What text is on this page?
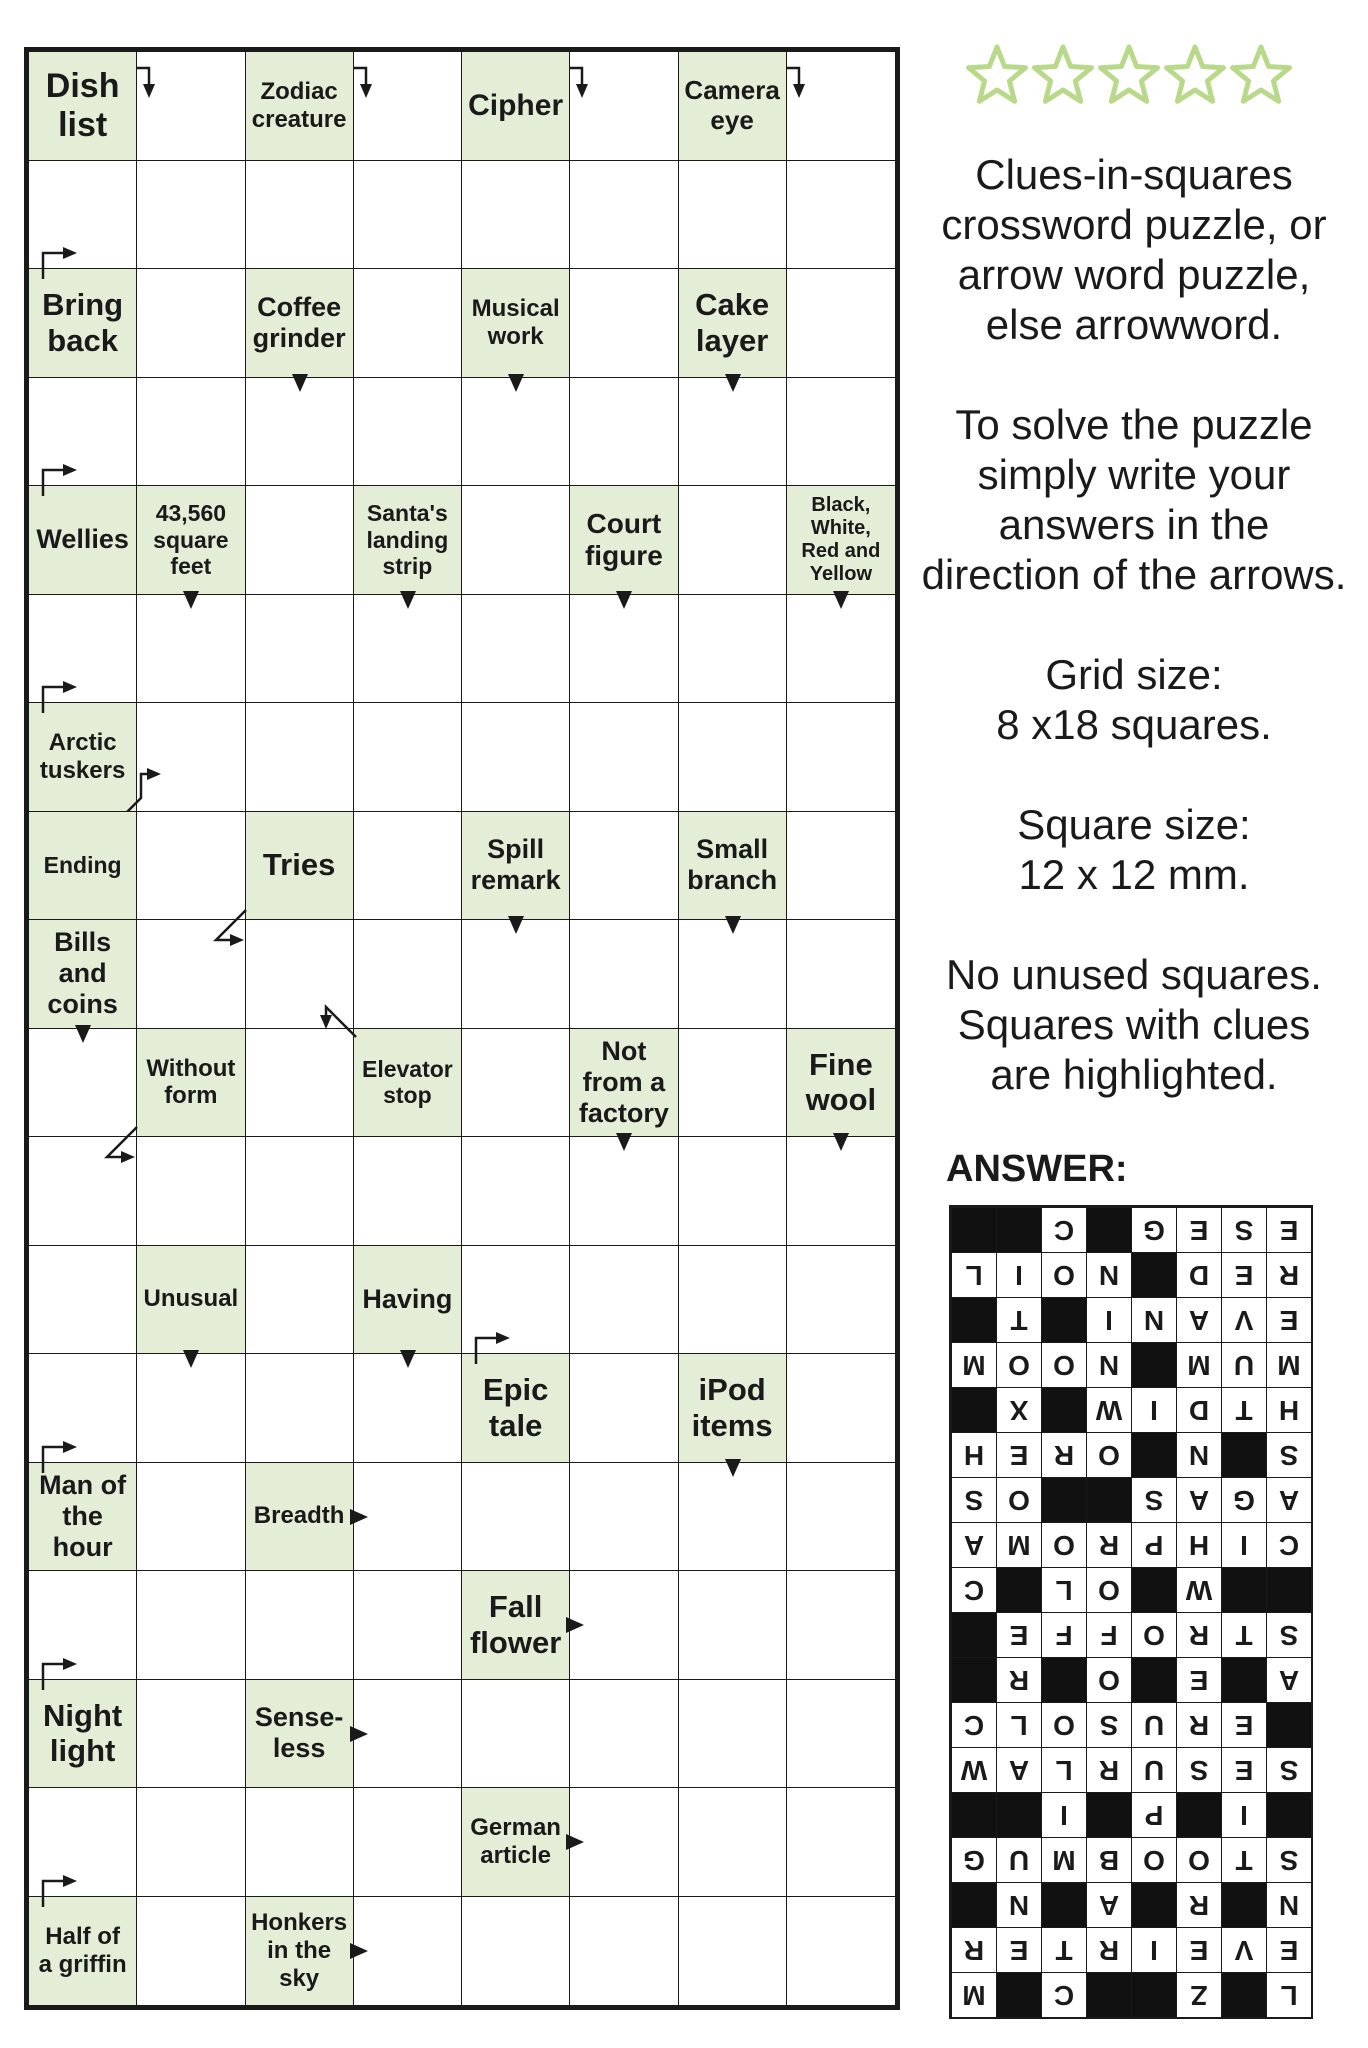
Dish
list
Zodiac
creature	Cipher	Camera
eye
Bring
back
Coffee
grinder
Musical
work
Cake
layer
Wellies
43,560
square
feet
Santa's
landing
strip
Court
figure
Black,
White,
Red and
Yellow
Arctic
tuskers
Ending	Tries	Spill
remark
Small
branch
Bills
and
coins
Without
form
Elevator
stop
Not
from a
factory
Fine
wool
Unusual	Having
Epic
tale
iPod
items
Man of
the
hour
Breadth
Fall
flower
Night
light
Sense-
less
German
article
Half of
a griffin
Honkers
in the
sky
Clues-in-squares
crossword puzzle, or
arrow word puzzle,
else arrowword.
To solve the puzzle
simply write your
answers in the
direction of the arrows.
Grid size:
8 x18 squares.
Square size:
12 x 12 mm.
No unused squares.
Squares with clues
are highlighted.
ANSWER:
C	G E S E
L	I	O N	D E R
T	I	N A V E
M O O N	M U M
X	W I	D T H
H E R O	N	S
S O	S A G A
A M O R P H	I	C
C	L O	W
E F F O R T S
R	O	E	A
C L O S U R E
W A L R U S E S
I	P	I
G U M B O O T S
N	A	R	N
R E T R	I	E V E
M	C	Z	L
